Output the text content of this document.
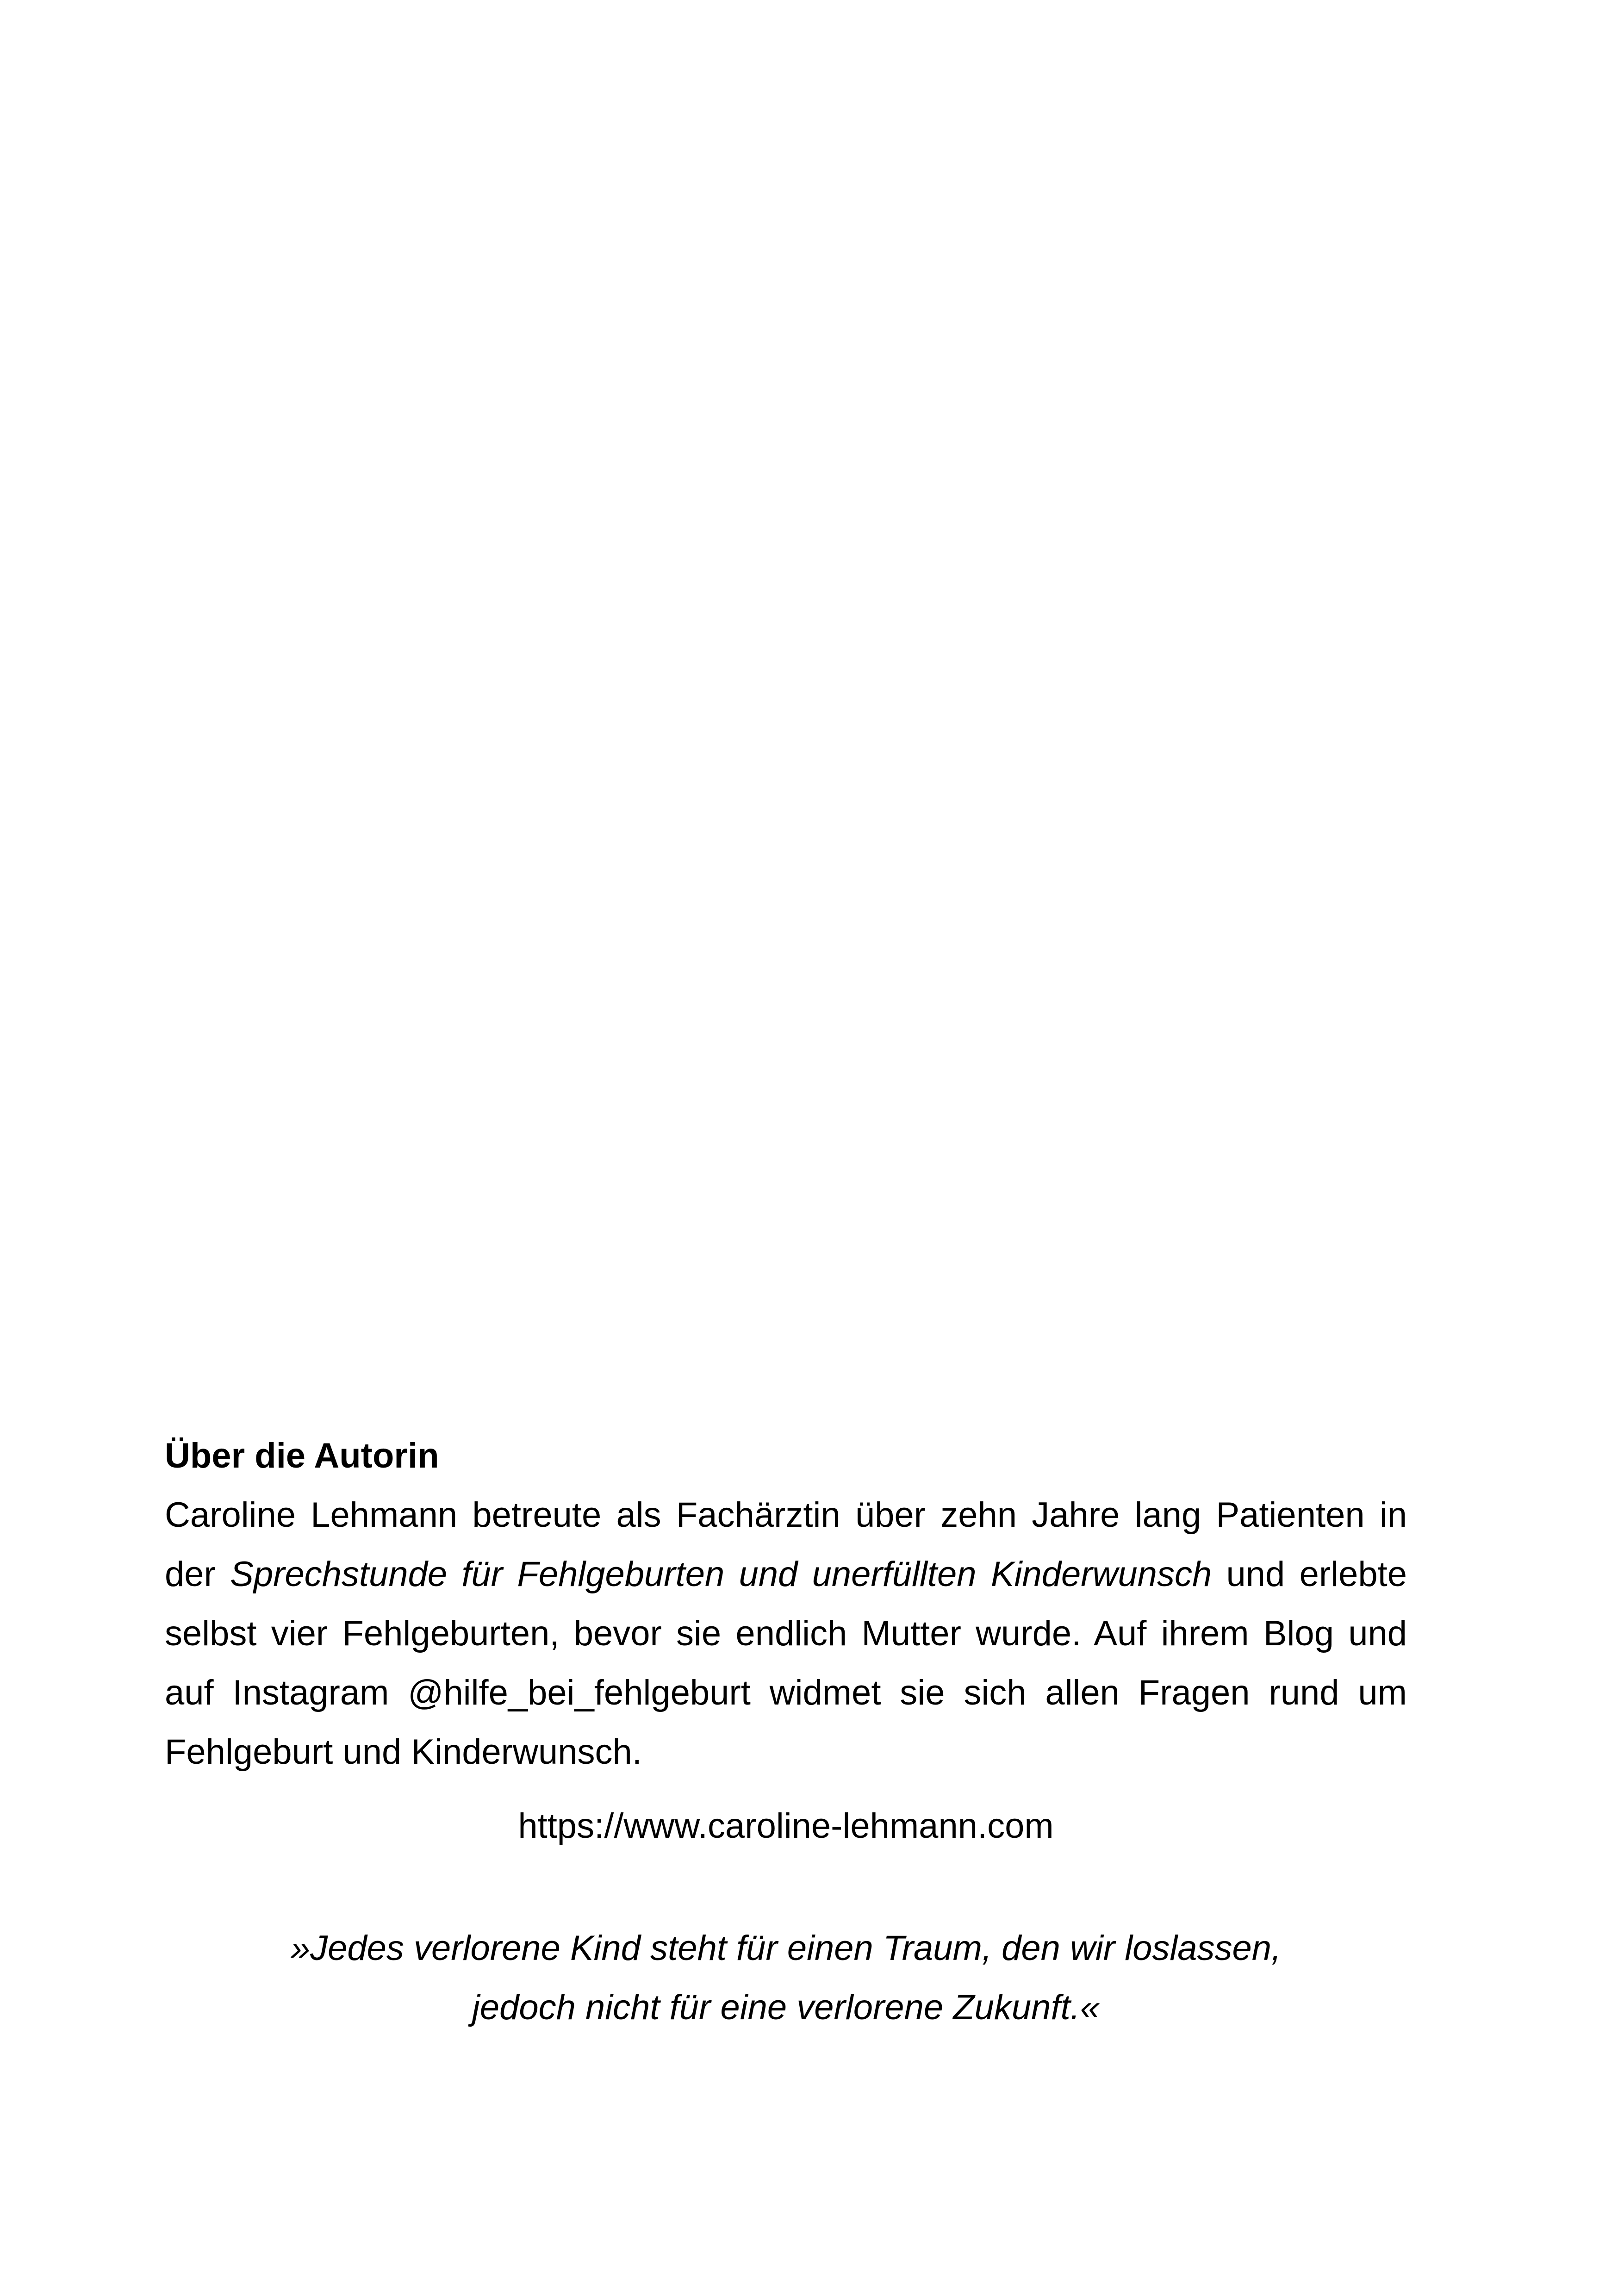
Über die Autorin

Caroline Lehmann betreute als Fachärztin über zehn Jahre lang Patienten in der Sprechstunde für Fehlgeburten und unerfüllten Kinderwunsch und erlebte selbst vier Fehlgeburten, bevor sie endlich Mutter wurde. Auf ihrem Blog und auf Instagram @hilfe_bei_fehlgeburt widmet sie sich allen Fragen rund um Fehlgeburt und Kinderwunsch.

https://www.caroline-lehmann.com
»Jedes verlorene Kind steht für einen Traum, den wir loslassen,
jedoch nicht für eine verlorene Zukunft.«
